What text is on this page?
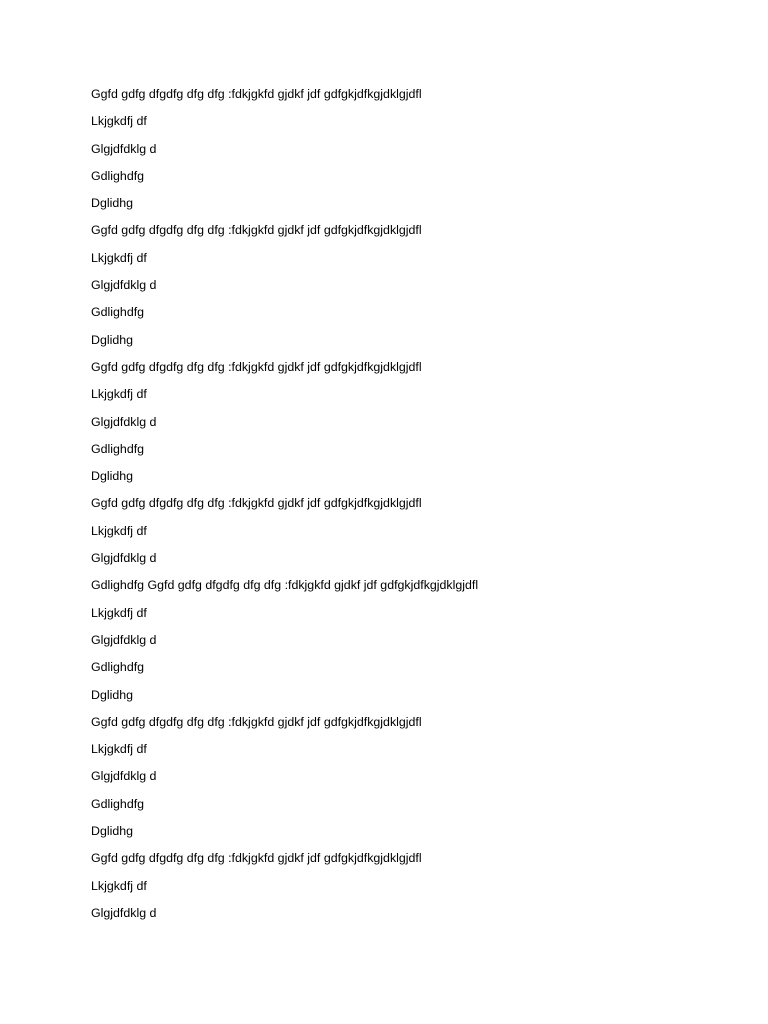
Ggfd gdfg dfgdfg dfg dfg :fdkjgkfd gjdkf jdf gdfgkjdfkgjdklgjdfl
Lkjgkdfj df
Glgjdfdklg d
Gdlighdfg
Dglidhg
Ggfd gdfg dfgdfg dfg dfg :fdkjgkfd gjdkf jdf gdfgkjdfkgjdklgjdfl
Lkjgkdfj df
Glgjdfdklg d
Gdlighdfg
Dglidhg
Ggfd gdfg dfgdfg dfg dfg :fdkjgkfd gjdkf jdf gdfgkjdfkgjdklgjdfl
Lkjgkdfj df
Glgjdfdklg d
Gdlighdfg
Dglidhg
Ggfd gdfg dfgdfg dfg dfg :fdkjgkfd gjdkf jdf gdfgkjdfkgjdklgjdfl
Lkjgkdfj df
Glgjdfdklg d
Gdlighdfg Ggfd gdfg dfgdfg dfg dfg :fdkjgkfd gjdkf jdf gdfgkjdfkgjdklgjdfl
Lkjgkdfj df
Glgjdfdklg d
Gdlighdfg
Dglidhg
Ggfd gdfg dfgdfg dfg dfg :fdkjgkfd gjdkf jdf gdfgkjdfkgjdklgjdfl
Lkjgkdfj df
Glgjdfdklg d
Gdlighdfg
Dglidhg
Ggfd gdfg dfgdfg dfg dfg :fdkjgkfd gjdkf jdf gdfgkjdfkgjdklgjdfl
Lkjgkdfj df
Glgjdfdklg d
